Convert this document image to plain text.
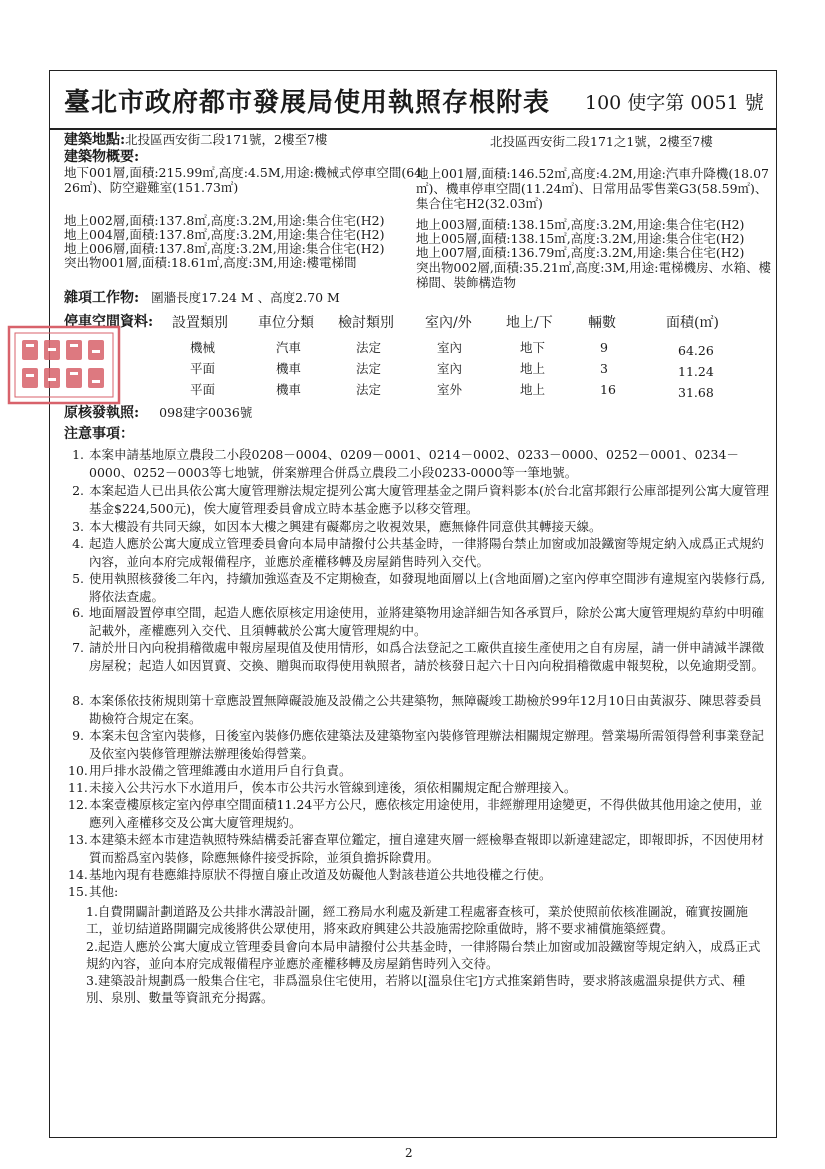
臺北市政府都市發展局使用執照存根附表 100 使字第 0051 號
建築地點:北投區西安街二段171號，2樓至7樓	北投區西安街二段171之1號，2樓至7樓
建築物概要:
地下001層,面積:215.99㎡,高度:4.5M,用途:機械式停車空間(64.
26㎡)、防空避難室(151.73㎡)
地上001層,面積:146.52㎡,高度:4.2M,用途:汽車升降機(18.07㎡)、機車停車空間(11.24㎡)、日常用品零售業G3(58.59㎡)、集合住宅H2(32.03㎡)
地上002層,面積:137.8㎡,高度:3.2M,用途:集合住宅(H2)
地上004層,面積:137.8㎡,高度:3.2M,用途:集合住宅(H2)
地上006層,面積:137.8㎡,高度:3.2M,用途:集合住宅(H2)
突出物001層,面積:18.61㎡,高度:3M,用途:樓電梯間
地上003層,面積:138.15㎡,高度:3.2M,用途:集合住宅(H2)
地上005層,面積:138.15㎡,高度:3.2M,用途:集合住宅(H2)
地上007層,面積:136.79㎡,高度:3.2M,用途:集合住宅(H2)
突出物002層,面積:35.21㎡,高度:3M,用途:電梯機房、水箱、樓梯間、裝飾構造物
雜項工作物: 圍牆長度17.24 M 、高度2.70 M
停車空間資料: 設置類別 車位分類 檢討類別 室內/外 地上/下	輛數	面積(㎡)
機械	汽車	法定	室內	地下	9	64.26
平面	機車	法定	室內	地上	3	11.24
平面	機車	法定	室外	地上	16	31.68
原核發執照: 098建字0036號
注意事項：
1. 本案申請基地原立農段二小段0208－0004、0209－0001、0214－0002、0233－0000、0252－0001、0234－0000、0252－0003等七地號，併案辦理合併爲立農段二小段0233-0000等一筆地號。
2. 本案起造人已出具依公寓大廈管理辦法規定提列公寓大廈管理基金之開戶資料影本(於台北富邦銀行公庫部提列公寓大廈管理基金$224,500元)，俟大廈管理委員會成立時本基金應予以移交管理。
3. 本大樓設有共同天線，如因本大樓之興建有礙鄰房之收視效果，應無條件同意供其轉接天線。
4. 起造人應於公寓大廈成立管理委員會向本局申請撥付公共基金時，一律將陽台禁止加窗或加設鐵窗等規定納入成爲正式規約內容，並向本府完成報備程序，並應於產權移轉及房屋銷售時列入交代。
5. 使用執照核發後二年內，持續加強巡查及不定期檢查，如發現地面層以上(含地面層)之室內停車空間涉有違規室內裝修行爲,將依法查處。
6. 地面層設置停車空間，起造人應依原核定用途使用，並將建築物用途詳細告知各承買戶，除於公寓大廈管理規約草約中明確記載外，產權應列入交代、且須轉載於公寓大廈管理規約中。
7. 請於卅日內向稅捐稽徵處申報房屋現值及使用情形，如爲合法登記之工廠供直接生產使用之自有房屋，請一併申請減半課徵房屋稅；起造人如因買賣、交換、贈與而取得使用執照者，請於核發日起六十日內向稅捐稽徵處申報契稅，以免逾期受罰。
8. 本案係依技術規則第十章應設置無障礙設施及設備之公共建築物，無障礙竣工勘檢於99年12月10日由黃淑芬、陳思蓉委員勘檢符合規定在案。
9. 本案未包含室內裝修，日後室內裝修仍應依建築法及建築物室內裝修管理辦法相關規定辦理。營業場所需領得營利事業登記及依室內裝修管理辦法辦理後始得營業。
10. 用戶排水設備之管理維護由水道用戶自行負責。
11. 未接入公共污水下水道用戶，俟本市公共污水管線到達後，須依相關規定配合辦理接入。
12. 本案壹樓原核定室內停車空間面積11.24平方公尺，應依核定用途使用，非經辦理用途變更，不得供做其他用途之使用，並應列入產權移交及公寓大廈管理規約。
13. 本建築未經本市建造執照特殊結構委託審查單位鑑定，擅自違建夾層一經檢舉查報即以新違建認定，即報即拆，不因使用材質而豁爲室內裝修，除應無條件接受拆除，並須負擔拆除費用。
14. 基地內現有巷應維持原狀不得擅自廢止改道及妨礙他人對該巷道公共地役權之行使。
15. 其他:
1.自費開闢計劃道路及公共排水溝設計圖，經工務局水利處及新建工程處審查核可，業於使照前依核准圖說，確實按圖施工，並切結道路開闢完成後將供公眾使用，將來政府興建公共設施需挖除重做時，將不要求補償施築經費。
2.起造人應於公寓大廈成立管理委員會向本局申請撥付公共基金時，一律將陽台禁止加窗或加設鐵窗等規定納入，成爲正式規約內容，並向本府完成報備程序並應於產權移轉及房屋銷售時列入交待。
3.建築設計規劃爲一般集合住宅，非爲溫泉住宅使用，若將以[溫泉住宅]方式推案銷售時，要求將該處溫泉提供方式、種別、泉別、數量等資訊充分揭露。
2
